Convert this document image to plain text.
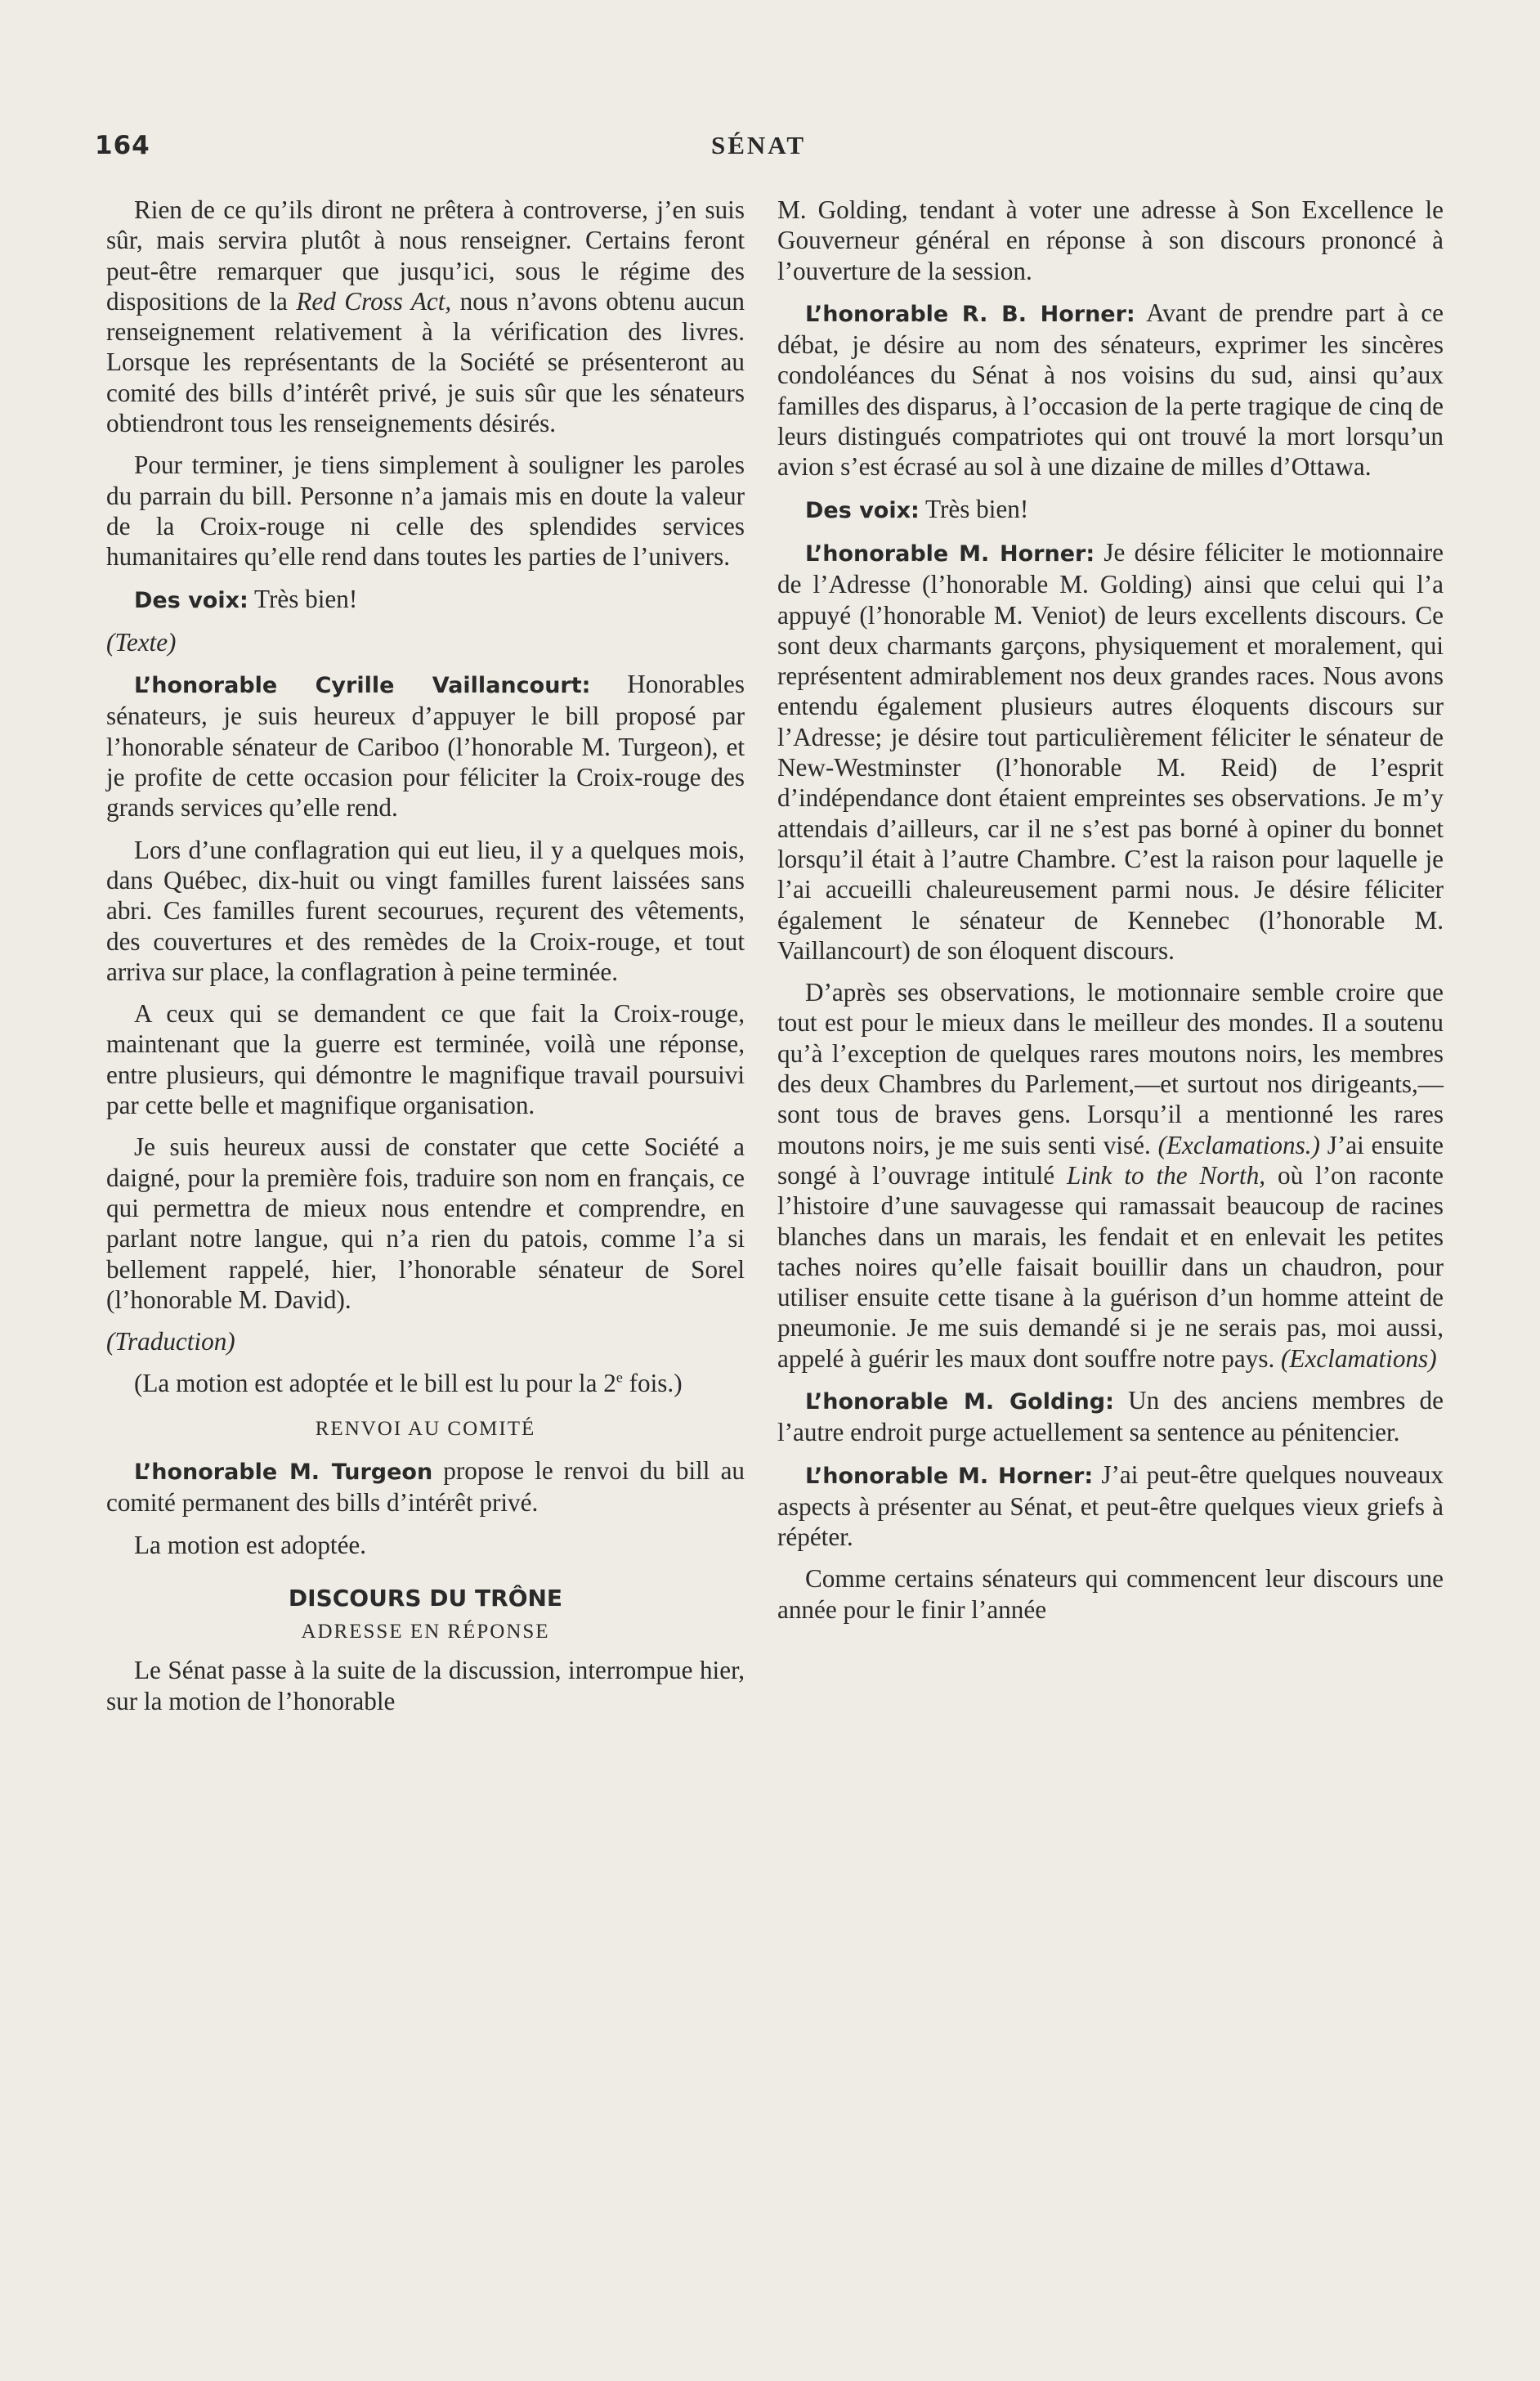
164	SÉNAT

Rien de ce qu’ils diront ne prêtera à controverse, j’en suis sûr, mais servira plutôt à nous renseigner. Certains feront peut-être remarquer que jusqu’ici, sous le régime des dispositions de la Red Cross Act, nous n’avons obtenu aucun renseignement relativement à la vérification des livres. Lorsque les représentants de la Société se présenteront au comité des bills d’intérêt privé, je suis sûr que les sénateurs obtiendront tous les renseignements désirés.

Pour terminer, je tiens simplement à souligner les paroles du parrain du bill. Personne n’a jamais mis en doute la valeur de la Croix-rouge ni celle des splendides services humanitaires qu’elle rend dans toutes les parties de l’univers.

Des voix: Très bien!

(Texte)

L’honorable Cyrille Vaillancourt: Honorables sénateurs, je suis heureux d’appuyer le bill proposé par l’honorable sénateur de Cariboo (l’honorable M. Turgeon), et je profite de cette occasion pour féliciter la Croix-rouge des grands services qu’elle rend.

Lors d’une conflagration qui eut lieu, il y a quelques mois, dans Québec, dix-huit ou vingt familles furent laissées sans abri. Ces familles furent secourues, reçurent des vêtements, des couvertures et des remèdes de la Croix-rouge, et tout arriva sur place, la conflagration à peine terminée.

A ceux qui se demandent ce que fait la Croix-rouge, maintenant que la guerre est terminée, voilà une réponse, entre plusieurs, qui démontre le magnifique travail poursuivi par cette belle et magnifique organisation.

Je suis heureux aussi de constater que cette Société a daigné, pour la première fois, traduire son nom en français, ce qui permettra de mieux nous entendre et comprendre, en parlant notre langue, qui n’a rien du patois, comme l’a si bellement rappelé, hier, l’honorable sénateur de Sorel (l’honorable M. David).

(Traduction)

(La motion est adoptée et le bill est lu pour la 2e fois.)

RENVOI AU COMITÉ

L’honorable M. Turgeon propose le renvoi du bill au comité permanent des bills d’intérêt privé.

La motion est adoptée.

DISCOURS DU TRÔNE

ADRESSE EN RÉPONSE

Le Sénat passe à la suite de la discussion, interrompue hier, sur la motion de l’honorable

M. Golding, tendant à voter une adresse à Son Excellence le Gouverneur général en réponse à son discours prononcé à l’ouverture de la session.

L’honorable R. B. Horner: Avant de prendre part à ce débat, je désire au nom des sénateurs, exprimer les sincères condoléances du Sénat à nos voisins du sud, ainsi qu’aux familles des disparus, à l’occasion de la perte tragique de cinq de leurs distingués compatriotes qui ont trouvé la mort lorsqu’un avion s’est écrasé au sol à une dizaine de milles d’Ottawa.

Des voix: Très bien!

L’honorable M. Horner: Je désire féliciter le motionnaire de l’Adresse (l’honorable M. Golding) ainsi que celui qui l’a appuyé (l’honorable M. Veniot) de leurs excellents discours. Ce sont deux charmants garçons, physiquement et moralement, qui représentent admirablement nos deux grandes races. Nous avons entendu également plusieurs autres éloquents discours sur l’Adresse; je désire tout particulièrement féliciter le sénateur de New-Westminster (l’honorable M. Reid) de l’esprit d’indépendance dont étaient empreintes ses observations. Je m’y attendais d’ailleurs, car il ne s’est pas borné à opiner du bonnet lorsqu’il était à l’autre Chambre. C’est la raison pour laquelle je l’ai accueilli chaleureusement parmi nous. Je désire féliciter également le sénateur de Kennebec (l’honorable M. Vaillancourt) de son éloquent discours.

D’après ses observations, le motionnaire semble croire que tout est pour le mieux dans le meilleur des mondes. Il a soutenu qu’à l’exception de quelques rares moutons noirs, les membres des deux Chambres du Parlement,—et surtout nos dirigeants,—sont tous de braves gens. Lorsqu’il a mentionné les rares moutons noirs, je me suis senti visé. (Exclamations.) J’ai ensuite songé à l’ouvrage intitulé Link to the North, où l’on raconte l’histoire d’une sauvagesse qui ramassait beaucoup de racines blanches dans un marais, les fendait et en enlevait les petites taches noires qu’elle faisait bouillir dans un chaudron, pour utiliser ensuite cette tisane à la guérison d’un homme atteint de pneumonie. Je me suis demandé si je ne serais pas, moi aussi, appelé à guérir les maux dont souffre notre pays. (Exclamations)

L’honorable M. Golding: Un des anciens membres de l’autre endroit purge actuellement sa sentence au pénitencier.

L’honorable M. Horner: J’ai peut-être quelques nouveaux aspects à présenter au Sénat, et peut-être quelques vieux griefs à répéter.

Comme certains sénateurs qui commencent leur discours une année pour le finir l’année
